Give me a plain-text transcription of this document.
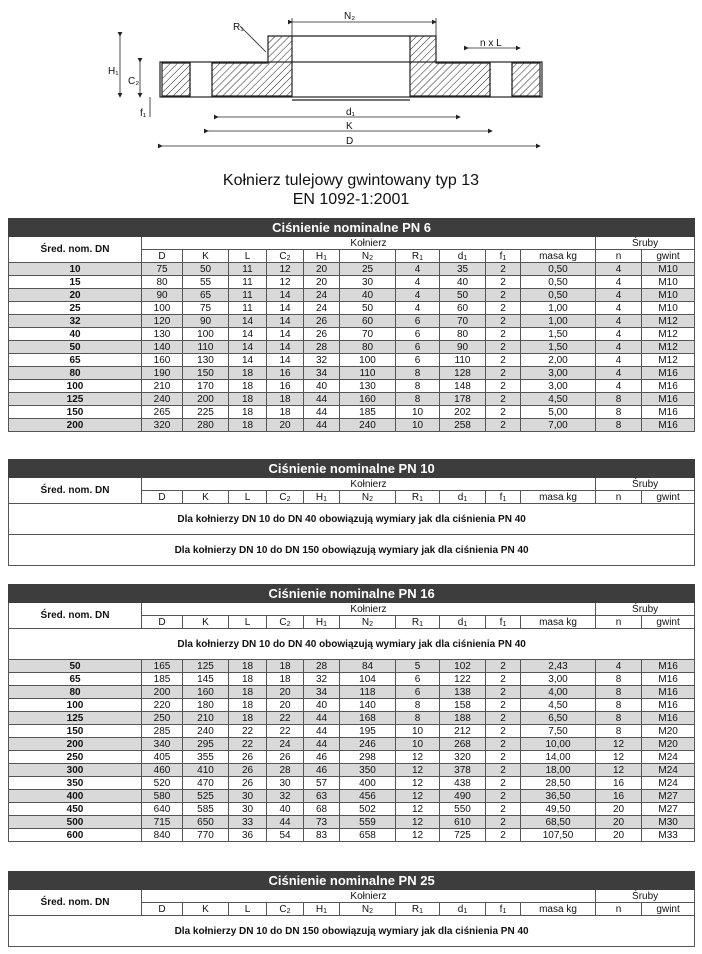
N₂
R₁
n x L
H₁
C₂
f₁	d₁
K
D
Kołnierz tulejowy gwintowany typ 13
EN 1092-1:2001
Ciśnienie nominalne PN 6												
Śred. nom. DN	Kołnierz										Śruby	
	D	K	L	$C_2$	$H_1$	$N_2$	$R_1$	$d_1$	$f_1$	masa kg	n	gwint
10	75	50	11	12	20	25	4	35	2	0,50	4	M10
15	80	55	11	12	20	30	4	40	2	0,50	4	M10
20	90	65	11	14	24	40	4	50	2	0,50	4	M10
25	100	75	11	14	24	50	4	60	2	1,00	4	M10
32	120	90	14	14	26	60	6	70	2	1,00	4	M12
40	130	100	14	14	26	70	6	80	2	1,50	4	M12
50	140	110	14	14	28	80	6	90	2	1,50	4	M12
65	160	130	14	14	32	100	6	110	2	2,00	4	M12
80	190	150	18	16	34	110	8	128	2	3,00	4	M16
100	210	170	18	16	40	130	8	148	2	3,00	4	M16
125	240	200	18	18	44	160	8	178	2	4,50	8	M16
150	265	225	18	18	44	185	10	202	2	5,00	8	M16
200	320	280	18	20	44	240	10	258	2	7,00	8	M16
Ciśnienie nominalne PN 10												
Śred. nom. DN	Kołnierz										Śruby	
	D	K	L	$C_2$	$H_1$	$N_2$	$R_1$	$d_1$	$f_1$	masa kg	n	gwint
Dla kołnierzy DN 10 do DN 40 obowiązują wymiary jak dla ciśnienia PN 40												
Dla kołnierzy DN 10 do DN 150 obowiązują wymiary jak dla ciśnienia PN 40												
Ciśnienie nominalne PN 16												
Śred. nom. DN	Kołnierz										Śruby	
	D	K	L	$C_2$	$H_1$	$N_2$	$R_1$	$d_1$	$f_1$	masa kg	n	gwint
Dla kołnierzy DN 10 do DN 40 obowiązują wymiary jak dla ciśnienia PN 40												
50	165	125	18	18	28	84	5	102	2	2,43	4	M16
65	185	145	18	18	32	104	6	122	2	3,00	8	M16
80	200	160	18	20	34	118	6	138	2	4,00	8	M16
100	220	180	18	20	40	140	8	158	2	4,50	8	M16
125	250	210	18	22	44	168	8	188	2	6,50	8	M16
150	285	240	22	22	44	195	10	212	2	7,50	8	M20
200	340	295	22	24	44	246	10	268	2	10,00	12	M20
250	405	355	26	26	46	298	12	320	2	14,00	12	M24
300	460	410	26	28	46	350	12	378	2	18,00	12	M24
350	520	470	26	30	57	400	12	438	2	28,50	16	M24
400	580	525	30	32	63	456	12	490	2	36,50	16	M27
450	640	585	30	40	68	502	12	550	2	49,50	20	M27
500	715	650	33	44	73	559	12	610	2	68,50	20	M30
600	840	770	36	54	83	658	12	725	2	107,50	20	M33
Ciśnienie nominalne PN 25												
Śred. nom. DN	Kołnierz										Śruby	
	D	K	L	$C_2$	$H_1$	$N_2$	$R_1$	$d_1$	$f_1$	masa kg	n	gwint
Dla kołnierzy DN 10 do DN 150 obowiązują wymiary jak dla ciśnienia PN 40												
